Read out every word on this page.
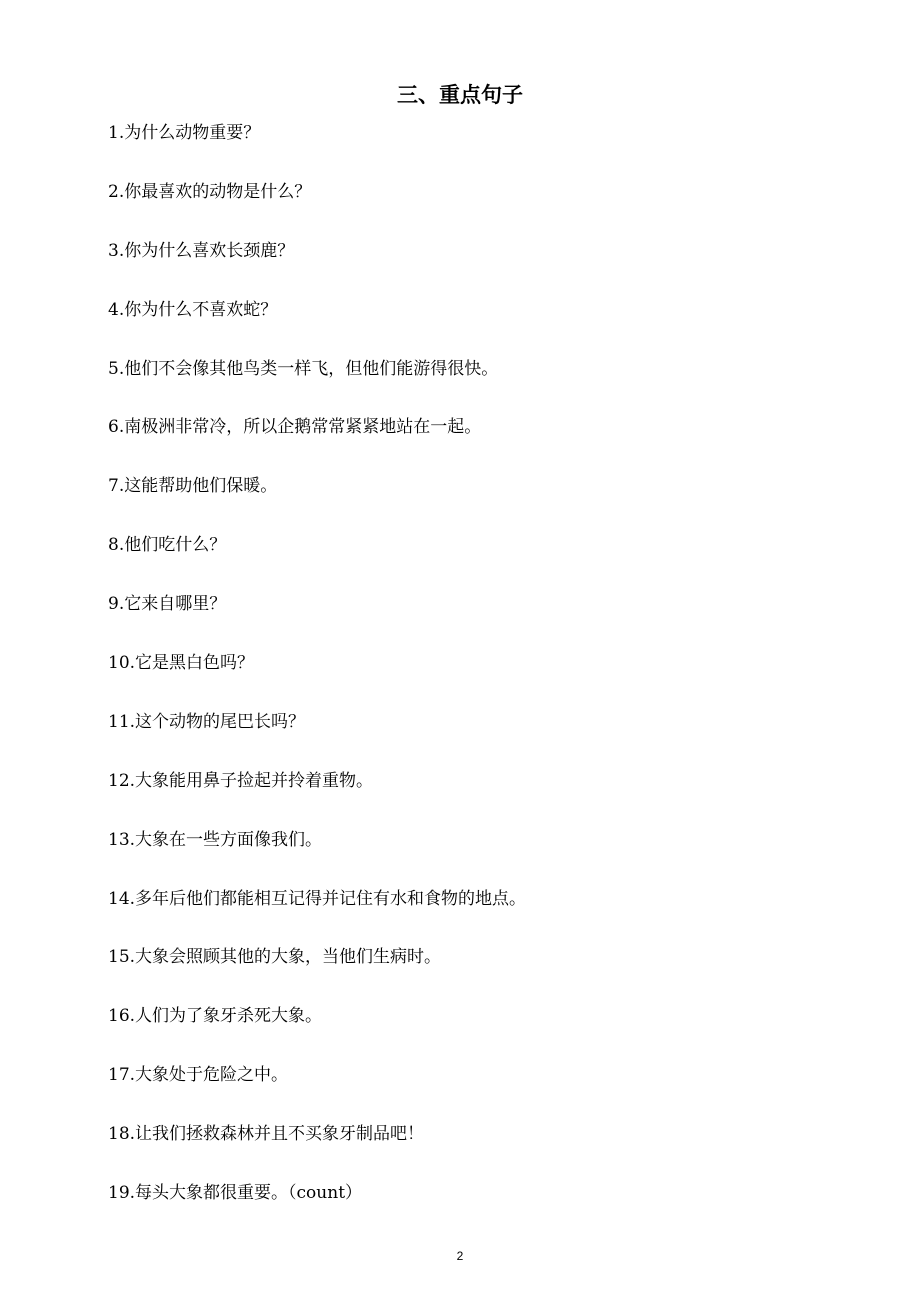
三、重点句子
1.为什么动物重要？
2.你最喜欢的动物是什么？
3.你为什么喜欢长颈鹿？
4.你为什么不喜欢蛇？
5.他们不会像其他鸟类一样飞，但他们能游得很快。
6.南极洲非常冷，所以企鹅常常紧紧地站在一起。
7.这能帮助他们保暖。
8.他们吃什么？
9.它来自哪里？
10.它是黑白色吗？
11.这个动物的尾巴长吗？
12.大象能用鼻子捡起并拎着重物。
13.大象在一些方面像我们。
14.多年后他们都能相互记得并记住有水和食物的地点。
15.大象会照顾其他的大象，当他们生病时。
16.人们为了象牙杀死大象。
17.大象处于危险之中。
18.让我们拯救森林并且不买象牙制品吧！
19.每头大象都很重要。（count）
2
